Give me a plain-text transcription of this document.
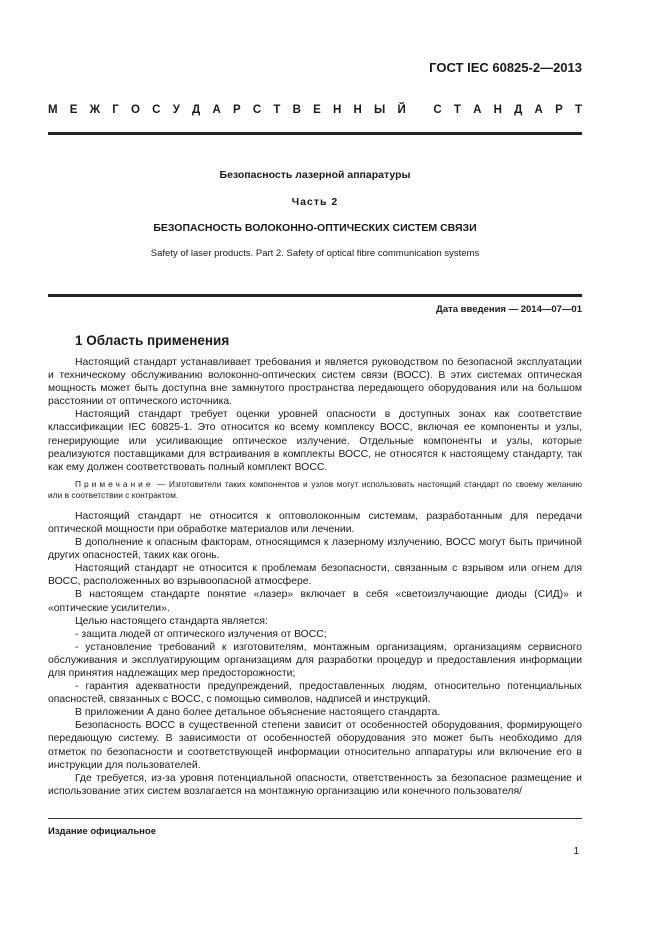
ГОСТ IEC 60825-2—2013
М Е Ж Г О С У Д А Р С Т В Е Н Н Ы Й
С Т А Н Д А Р Т
Безопасность лазерной аппаратуры
Часть 2
БЕЗОПАСНОСТЬ ВОЛОКОННО-ОПТИЧЕСКИХ СИСТЕМ СВЯЗИ
Safety of laser products. Part 2. Safety of optical fibre communication systems
Дата введения — 2014—07—01
1 Область применения

Настоящий стандарт устанавливает требования и является руководством по безопасной эксплуатации и техническому обслуживанию волоконно-оптических систем связи (ВОСС). В этих системах оптическая мощность может быть доступна вне замкнутого пространства передающего оборудования или на большом расстоянии от оптического источника.

Настоящий стандарт требует оценки уровней опасности в доступных зонах как соответствие классификации IEC 60825-1. Это относится ко всему комплексу ВОСС, включая ее компоненты и узлы, генерирующие или усиливающие оптическое излучение. Отдельные компоненты и узлы, которые реализуются поставщиками для встраивания в комплекты ВОСС, не относятся к настоящему стандарту, так как ему должен соответствовать полный комплект ВОСС.

Примечание — Изготовители таких компонентов и узлов могут использовать настоящий стандарт по своему желанию или в соответствии с контрактом.

Настоящий стандарт не относится к оптоволоконным системам, разработанным для передачи оптической мощности при обработке материалов или лечении.

В дополнение к опасным факторам, относящимся к лазерному излучению, ВОСС могут быть причиной других опасностей, таких как огонь.

Настоящий стандарт не относится к проблемам безопасности, связанным с взрывом или огнем для ВОСС, расположенных во взрывоопасной атмосфере.

В настоящем стандарте понятие «лазер» включает в себя «светоизлучающие диоды (СИД)» и «оптические усилители».

Целью настоящего стандарта является:

- защита людей от оптического излучения от ВОСС;

- установление требований к изготовителям, монтажным организациям, организациям сервисного обслуживания и эксплуатирующим организациям для разработки процедур и предоставления информации для принятия надлежащих мер предосторожности;

- гарантия адекватности предупреждений, предоставленных людям, относительно потенциальных опасностей, связанных с ВОСС, с помощью символов, надписей и инструкций.

В приложении А дано более детальное объяснение настоящего стандарта.

Безопасность ВОСС в существенной степени зависит от особенностей оборудования, формирующего передающую систему. В зависимости от особенностей оборудования это может быть необходимо для отметок по безопасности и соответствующей информации относительно аппаратуры или включение его в инструкции для пользователей.

Где требуется, из-за уровня потенциальной опасности, ответственность за безопасное размещение и использование этих систем возлагается на монтажную организацию или конечного пользователя/

Издание официальное
1
